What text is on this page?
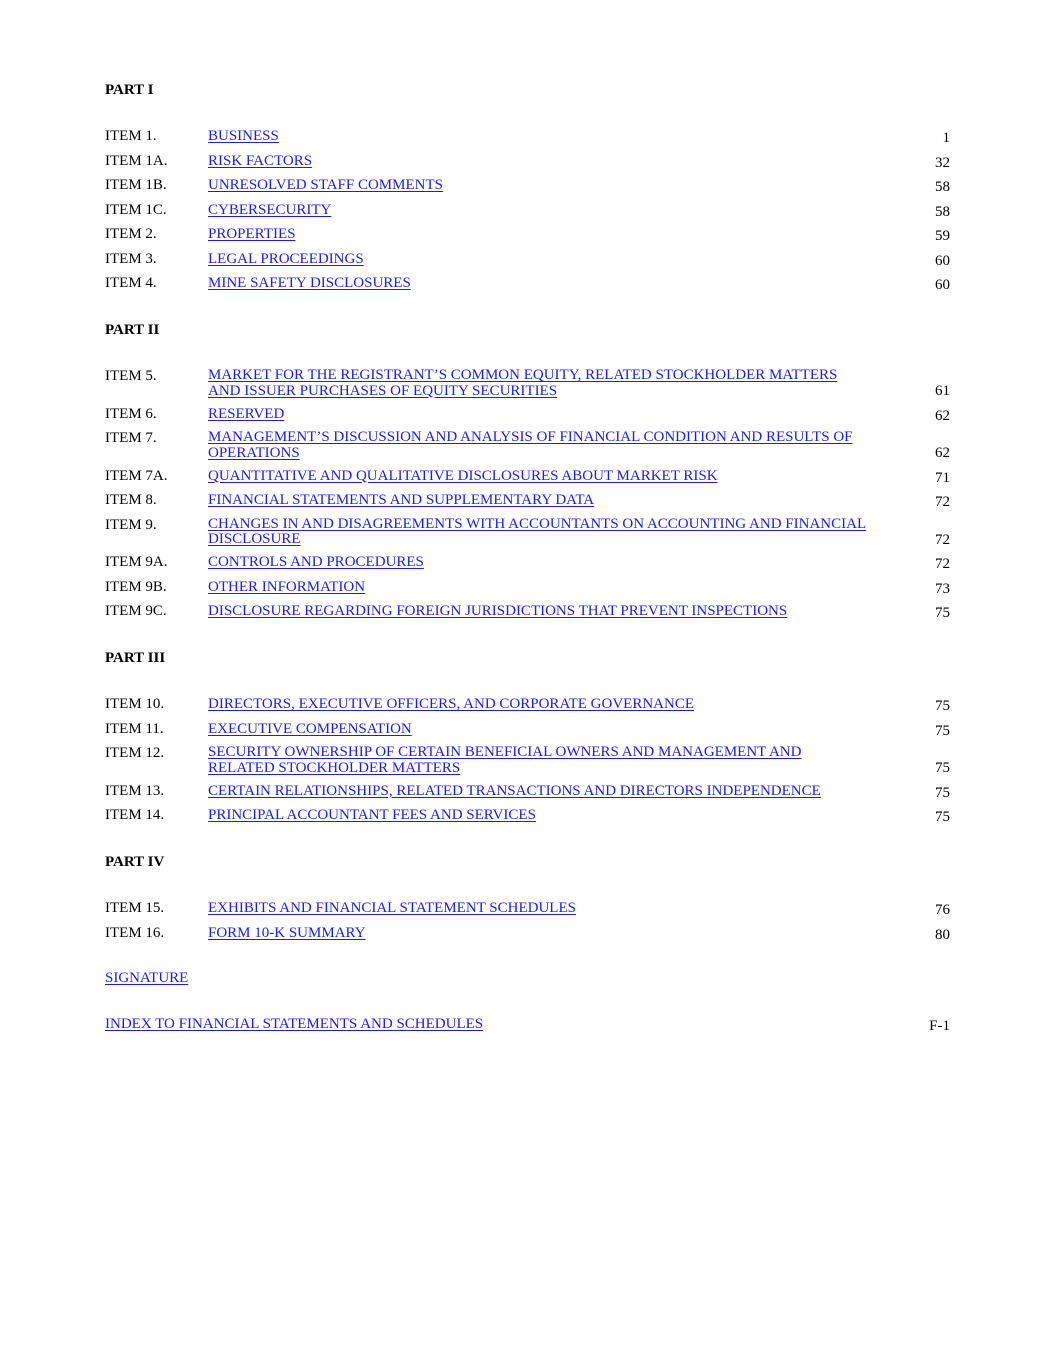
PART I
ITEM 1.	BUSINESS	1
ITEM 1A.	RISK FACTORS	32
ITEM 1B.	UNRESOLVED STAFF COMMENTS	58
ITEM 1C.	CYBERSECURITY	58
ITEM 2.	PROPERTIES	59
ITEM 3.	LEGAL PROCEEDINGS	60
ITEM 4.	MINE SAFETY DISCLOSURES	60
PART II
ITEM 5.	MARKET FOR THE REGISTRANT’S COMMON EQUITY, RELATED STOCKHOLDER MATTERS
AND ISSUER PURCHASES OF EQUITY SECURITIES	61
ITEM 6.	RESERVED	62
ITEM 7.	MANAGEMENT’S DISCUSSION AND ANALYSIS OF FINANCIAL CONDITION AND RESULTS OF
OPERATIONS	62
ITEM 7A.	QUANTITATIVE AND QUALITATIVE DISCLOSURES ABOUT MARKET RISK	71
ITEM 8.	FINANCIAL STATEMENTS AND SUPPLEMENTARY DATA	72
ITEM 9.	CHANGES IN AND DISAGREEMENTS WITH ACCOUNTANTS ON ACCOUNTING AND FINANCIAL
DISCLOSURE	72
ITEM 9A.	CONTROLS AND PROCEDURES	72
ITEM 9B.	OTHER INFORMATION	73
ITEM 9C.	DISCLOSURE REGARDING FOREIGN JURISDICTIONS THAT PREVENT INSPECTIONS	75
PART III
ITEM 10.	DIRECTORS, EXECUTIVE OFFICERS, AND CORPORATE GOVERNANCE	75
ITEM 11.	EXECUTIVE COMPENSATION	75
ITEM 12.	SECURITY OWNERSHIP OF CERTAIN BENEFICIAL OWNERS AND MANAGEMENT AND
RELATED STOCKHOLDER MATTERS	75
ITEM 13.	CERTAIN RELATIONSHIPS, RELATED TRANSACTIONS AND DIRECTORS INDEPENDENCE	75
ITEM 14.	PRINCIPAL ACCOUNTANT FEES AND SERVICES	75
PART IV
ITEM 15.	EXHIBITS AND FINANCIAL STATEMENT SCHEDULES	76
ITEM 16.	FORM 10-K SUMMARY	80
SIGNATURE
INDEX TO FINANCIAL STATEMENTS AND SCHEDULES	F-1
